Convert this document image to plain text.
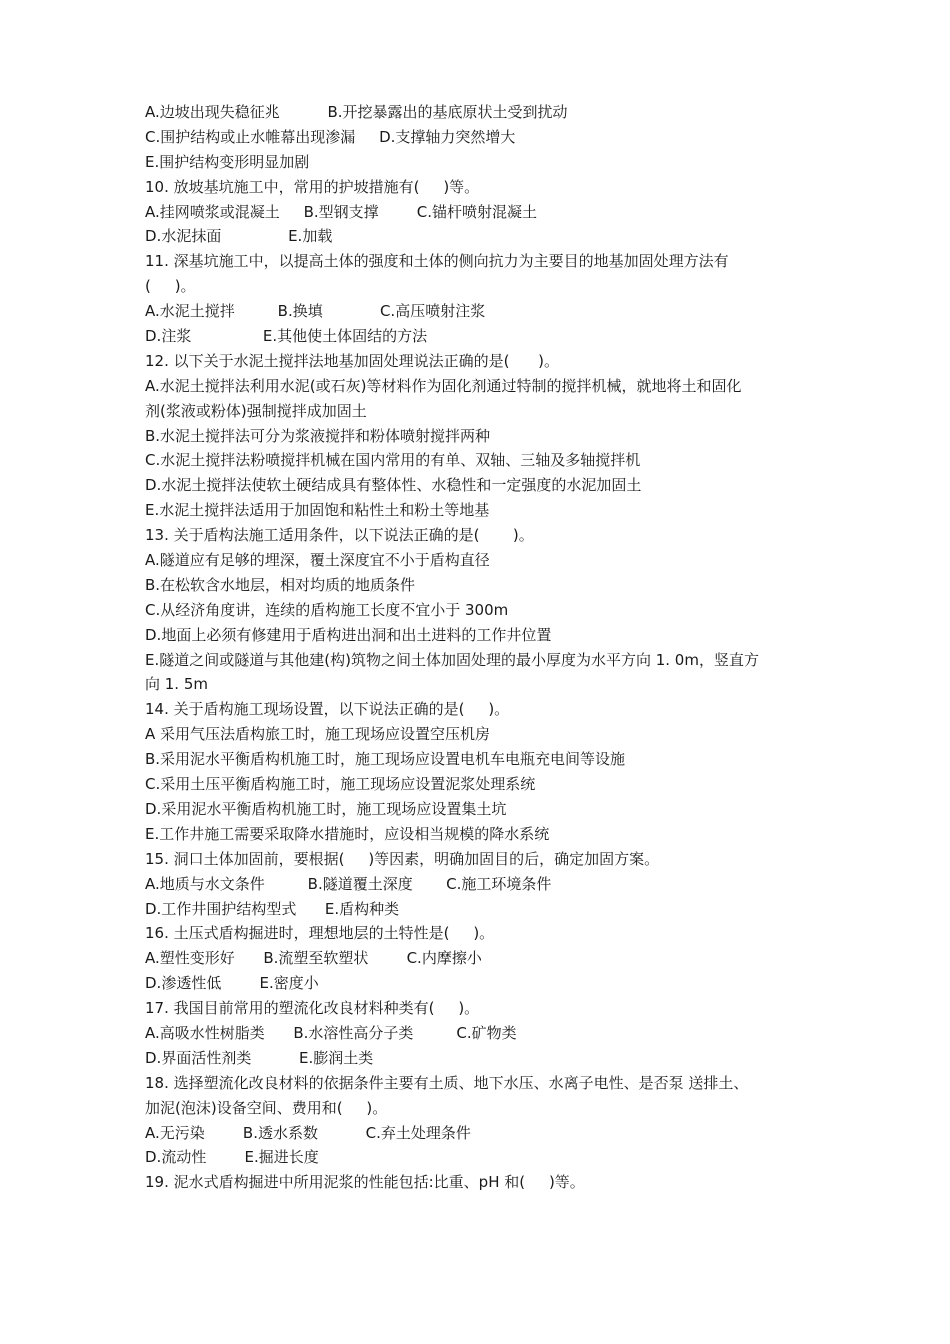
A.边坡出现失稳征兆          B.开挖暴露出的基底原状土受到扰动
C.围护结构或止水帷幕出现渗漏     D.支撑轴力突然增大
E.围护结构变形明显加剧
10. 放坡基坑施工中，常用的护坡措施有(     )等。
A.挂网喷浆或混凝土     B.型钢支撑        C.锚杆喷射混凝土
D.水泥抹面              E.加载
11. 深基坑施工中，以提高土体的强度和土体的侧向抗力为主要目的地基加固处理方法有
(     )。
A.水泥土搅拌         B.换填            C.高压喷射注浆
D.注浆               E.其他使土体固结的方法
12. 以下关于水泥土搅拌法地基加固处理说法正确的是(      )。
A.水泥土搅拌法利用水泥(或石灰)等材料作为固化剂通过特制的搅拌机械，就地将土和固化
剂(浆液或粉体)强制搅拌成加固土
B.水泥土搅拌法可分为浆液搅拌和粉体喷射搅拌两种
C.水泥土搅拌法粉喷搅拌机械在国内常用的有单、双轴、三轴及多轴搅拌机
D.水泥土搅拌法使软土硬结成具有整体性、水稳性和一定强度的水泥加固土
E.水泥土搅拌法适用于加固饱和粘性土和粉土等地基
13. 关于盾构法施工适用条件，以下说法正确的是(       )。
A.隧道应有足够的埋深，覆土深度宜不小于盾构直径
B.在松软含水地层，相对均质的地质条件
C.从经济角度讲，连续的盾构施工长度不宜小于 300m
D.地面上必须有修建用于盾构进出洞和出土进料的工作井位置
E.隧道之间或隧道与其他建(构)筑物之间土体加固处理的最小厚度为水平方向 1. 0m，竖直方
向 1. 5m
14. 关于盾构施工现场设置，以下说法正确的是(     )。
A 采用气压法盾构旅工时，施工现场应设置空压机房
B.采用泥水平衡盾构机施工时，施工现场应设置电机车电瓶充电间等设施
C.采用土压平衡盾构施工时，施工现场应设置泥浆处理系统
D.采用泥水平衡盾构机施工时，施工现场应设置集土坑
E.工作井施工需要采取降水措施时，应设相当规模的降水系统
15. 洞口土体加固前，要根据(     )等因素，明确加固目的后，确定加固方案。
A.地质与水文条件         B.隧道覆土深度       C.施工环境条件
D.工作井围护结构型式      E.盾构种类
16. 土压式盾构掘进时，理想地层的土特性是(     )。
A.塑性变形好      B.流塑至软塑状        C.内摩擦小
D.渗透性低        E.密度小
17. 我国目前常用的塑流化改良材料种类有(     )。
A.高吸水性树脂类      B.水溶性高分子类         C.矿物类
D.界面活性剂类          E.膨润土类
18. 选择塑流化改良材料的依据条件主要有土质、地下水压、水离子电性、是否泵 送排土、
加泥(泡沫)设备空间、费用和(     )。
A.无污染        B.透水系数          C.弃土处理条件
D.流动性        E.掘进长度
19. 泥水式盾构掘进中所用泥浆的性能包括:比重、pH 和(     )等。
